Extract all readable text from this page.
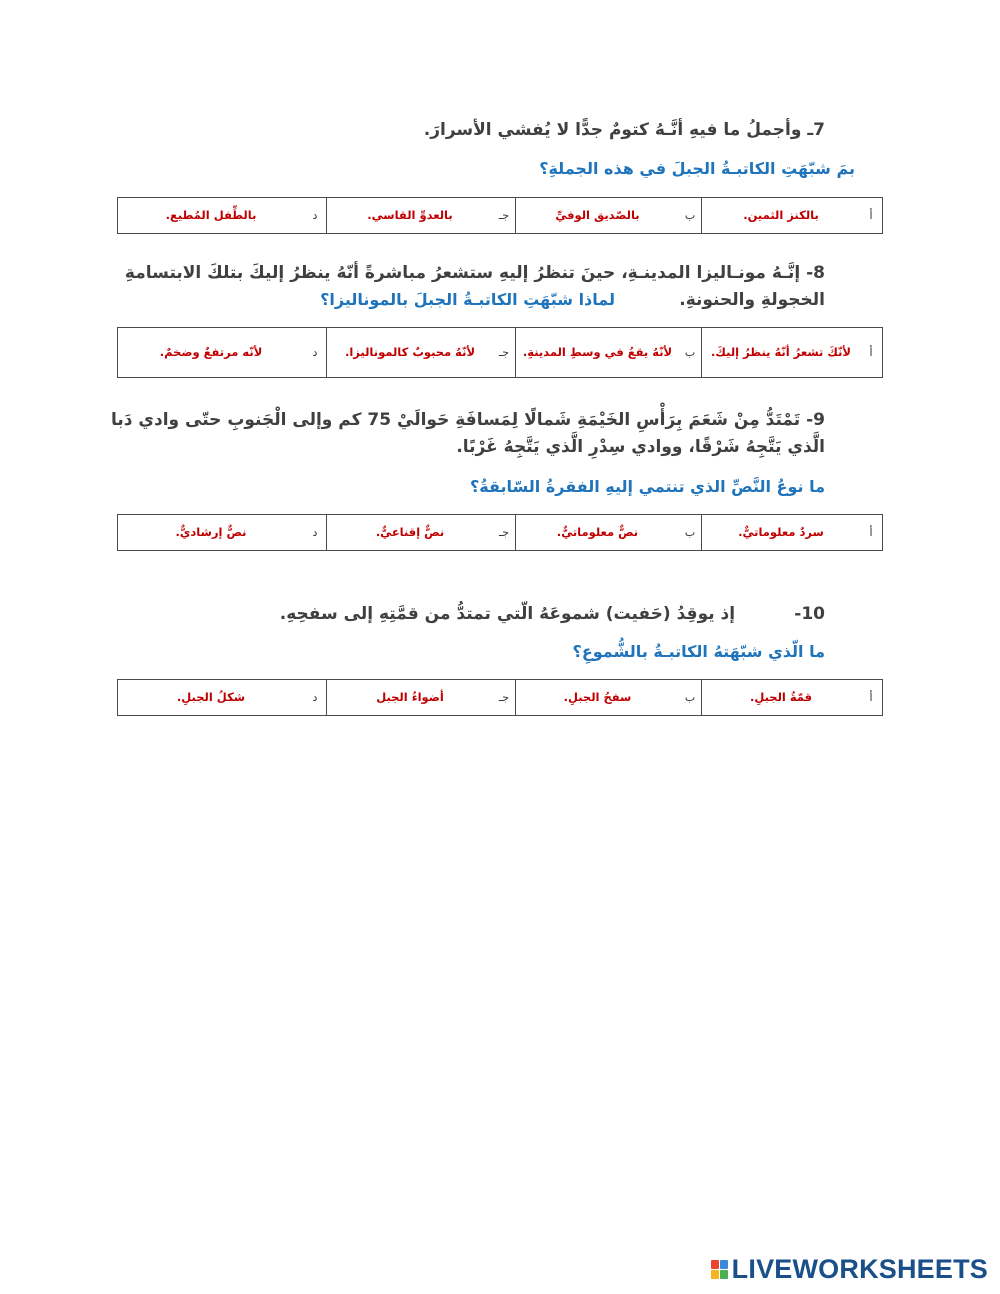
7ـ وأجملُ ما فيهِ أنَّـهُ كتومٌ جدًّا لا يُفشي الأسرارَ.
بمَ شبّهَتِ الكاتبـةُ الجبلَ في هذه الجملةِ؟
أ
بالكنز الثمين.

ب
بالصّديق الوفيِّ

جـ
بالعدوِّ القاسي.

د
بالطِّفل المُطيع.
8- إنَّـهُ مونـاليزا المدينـةِ، حينَ تنظرُ إليهِ ستشعرُ مباشرةً أنّهُ ينظرُ إليكَ بتلكَ الابتسامةِ
الخجولةِ والحنونةِ.
لماذا شبّهَتِ الكاتبـةُ الجبلَ بالموناليزا؟
أ
لأنّكَ تشعرُ أنّهُ ينظرُ إليكَ.

ب
لأنّهُ يقعُ في وسطِ المدينةِ.

جـ
لأنّهُ محبوبٌ كالموناليزا.

د
لأنّه مرتفعٌ وضخمٌ.
9- تَمْتَدُّ مِنْ شَعَمَ بِرَأْسِ الخَيْمَةِ شَمالًا لِمَسافَةِ حَوالَيْ 75 كم وإلى الْجَنوبِ حتّى وادي دَبا
الَّذي يَتَّجِهُ شَرْقًا، ووادي سِدْرِ الَّذي يَتَّجِهُ غَرْبًا.
ما نوعُ النَّصِّ الذي تنتمي إليهِ الفقرةُ السّابقةُ؟
أ
سردٌ معلوماتيٌّ.

ب
نصٌّ معلوماتيٌّ.

جـ
نصٌّ إقناعيٌّ.

د
نصٌّ إرشاديٌّ.
10-          إذ يوقِدُ (حَفيت) شموعَهُ الّتي تمتدُّ من قمَّتِهِ إلى سفحِهِ.
ما الّذي شبّهَتهُ الكاتبـةُ بالشُّموعِ؟
أ
قمّةُ الجبلِ.

ب
سفحُ الجبلِ.

جـ
أضواءُ الجبل

د
شكلُ الجبلِ.
LIVEWORKSHEETS
